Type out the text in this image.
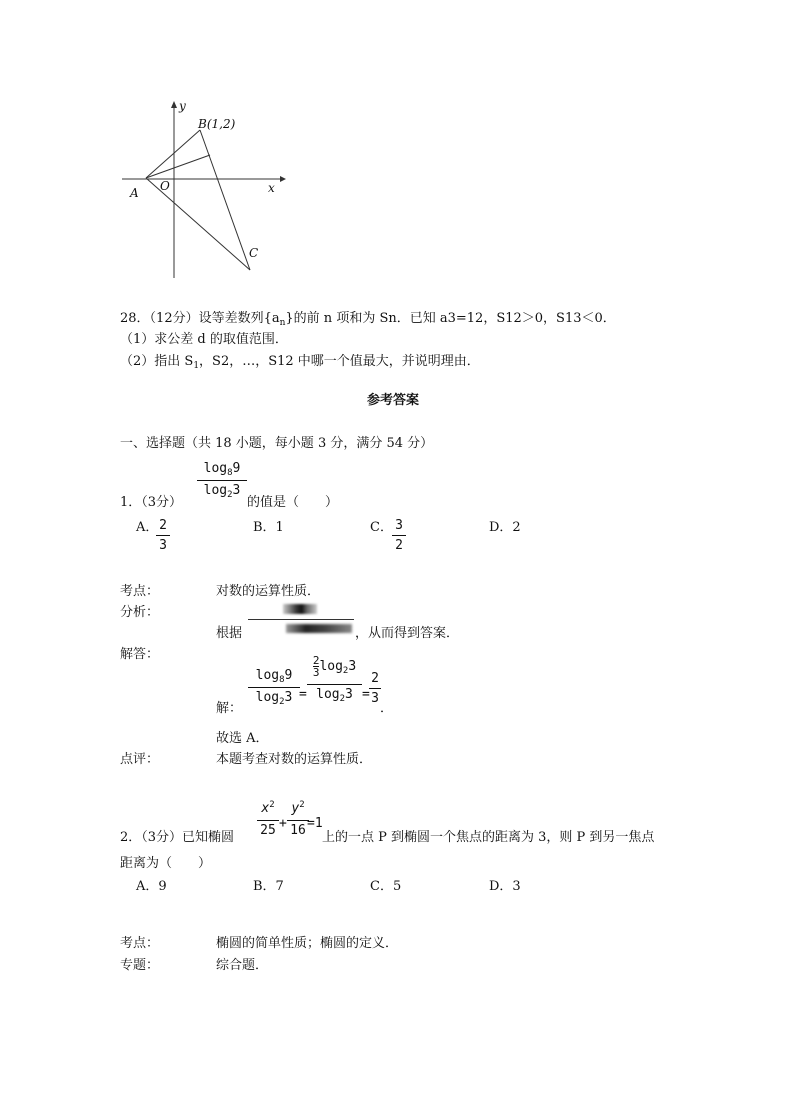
y
x
O
A
B(1,2)
C
28．（12分）设等差数列$\{a_n\}$的前 n 项和为 Sn．已知 a3=12，S12＞0，S13＜0．
（1）求公差 d 的取值范围．
（2）指出 $S_1$，S2，…，S12 中哪一个值最大，并说明理由．
参考答案
一、选择题（共 18 小题，每小题 3 分，满分 54 分）
1．（3分）
$\log_89$
$\log_23$
的值是（　　）
A． 2
3
B．1	C． 3
2
D．2
考点：	对数的运算性质．
分析：
根据	，从而得到答案．
解答：
解：
$\log_89$
$\log_23$ =
$\frac{2}{3} \log_23$
$\log_23$ =
2
3
．
故选 A．
点评：	本题考查对数的运算性质．
2．（3分）已知椭圆
$x^2$
25 +
$y^2$
16 =1
上的一点 P 到椭圆一个焦点的距离为 3，则 P 到另一焦点
距离为（　　）
A．9	B．7	C．5	D．3
考点：	椭圆的简单性质；椭圆的定义．
专题：	综合题．
